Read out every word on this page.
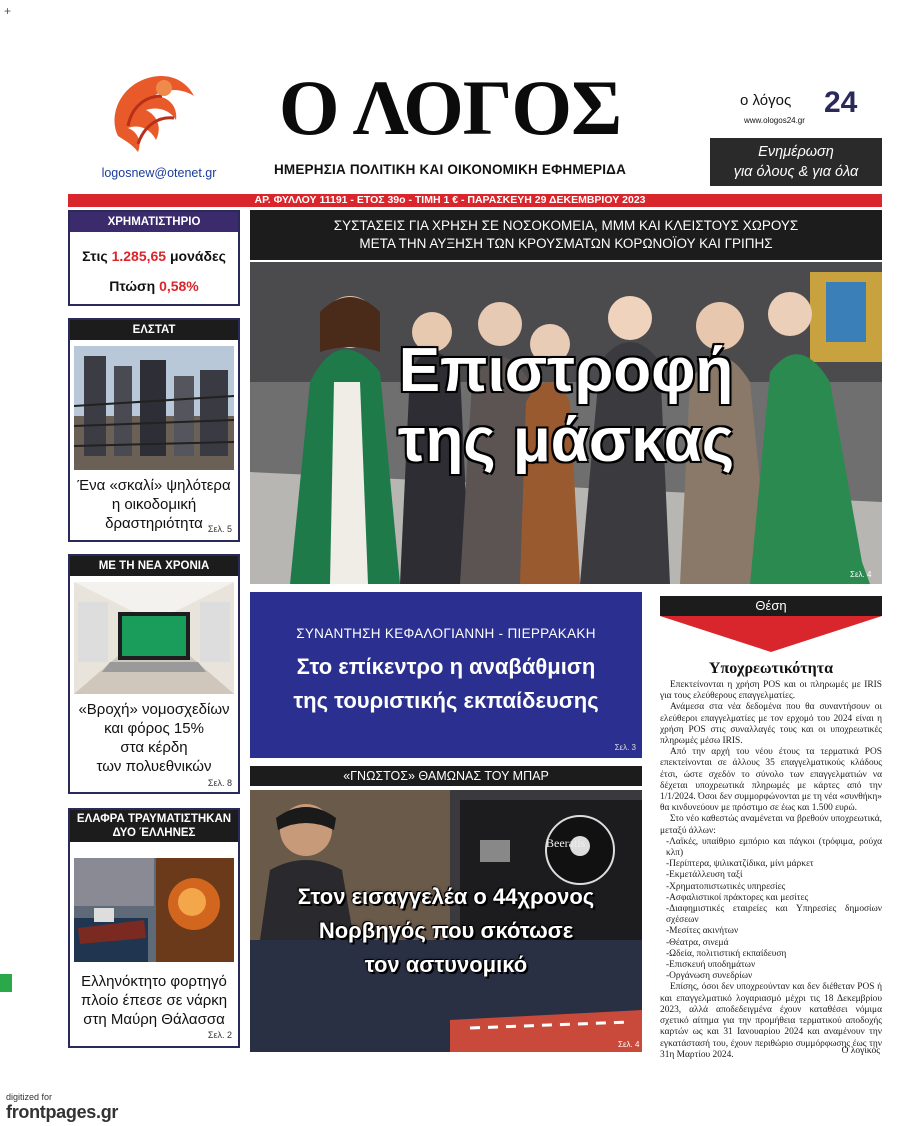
+
logosnew@otenet.gr
Ο ΛΟΓΟΣ
ΗΜΕΡΗΣΙΑ ΠΟΛΙΤΙΚΗ ΚΑΙ ΟΙΚΟΝΟΜΙΚΗ ΕΦΗΜΕΡΙΔΑ
ο λόγος 24
www.ologos24.gr
Ενημέρωση
για όλους & για όλα
ΑΡ. ΦΥΛΛΟΥ 11191 - ΕΤΟΣ 39ο - ΤΙΜΗ 1 € - ΠΑΡΑΣΚΕΥΗ 29 ΔΕΚΕΜΒΡΙΟΥ 2023
ΧΡΗΜΑΤΙΣΤΗΡΙΟ
Στις 1.285,65 μονάδες
Πτώση 0,58%
ΕΛΣΤΑΤ
Ένα «σκαλί» ψηλότερα
η οικοδομική
δραστηριότητα Σελ. 5
ΜΕ ΤΗ ΝΕΑ ΧΡΟΝΙΑ
«Βροχή» νομοσχεδίων
και φόρος 15%
στα κέρδη
των πολυεθνικών
Σελ. 8
ΕΛΑΦΡΑ ΤΡΑΥΜΑΤΙΣΤΗΚΑΝ
ΔΥΟ ΈΛΛΗΝΕΣ
Ελληνόκτητο φορτηγό
πλοίο έπεσε σε νάρκη
στη Μαύρη Θάλασσα
Σελ. 2
ΣΥΣΤΑΣΕΙΣ ΓΙΑ ΧΡΗΣΗ ΣΕ ΝΟΣΟΚΟΜΕΙΑ, ΜΜΜ ΚΑΙ ΚΛΕΙΣΤΟΥΣ ΧΩΡΟΥΣ
ΜΕΤΑ ΤΗΝ ΑΥΞΗΣΗ ΤΩΝ ΚΡΟΥΣΜΑΤΩΝ ΚΟΡΩΝΟΪΟΥ ΚΑΙ ΓΡΙΠΗΣ
Επιστροφή
της μάσκας
Σελ. 4
ΣΥΝΑΝΤΗΣΗ ΚΕΦΑΛΟΓΙΑΝΝΗ - ΠΙΕΡΡΑΚΑΚΗ
Στο επίκεντρο η αναβάθμιση
της τουριστικής εκπαίδευσης
Σελ. 3
«ΓΝΩΣΤΟΣ» ΘΑΜΩΝΑΣ ΤΟΥ ΜΠΑΡ
Beeratis
Στον εισαγγελέα ο 44χρονος
Νορβηγός που σκότωσε
τον αστυνομικό
Σελ. 4
Θέση
Υποχρεωτικότητα

Επεκτείνονται η χρήση POS και οι πληρωμές με IRIS για τους ελεύθερους επαγγελματίες.

Ανάμεσα στα νέα δεδομένα που θα συναντήσουν οι ελεύθεροι επαγγελματίες με τον ερχομό του 2024 είναι η χρήση POS στις συναλλαγές τους και οι υποχρεωτικές πληρωμές μέσω IRIS.

Από την αρχή του νέου έτους τα τερματικά POS επεκτείνονται σε άλλους 35 επαγγελματικούς κλάδους έτσι, ώστε σχεδόν το σύνολο των επαγγελματιών να δέχεται υποχρεωτικά πληρωμές με κάρτες από την 1/1/2024. Όσοι δεν συμμορφώνονται με τη νέα «συνθήκη» θα κινδυνεύουν με πρόστιμο σε έως και 1.500 ευρώ.

Στο νέο καθεστώς αναμένεται να βρεθούν υποχρεωτικά, μεταξύ άλλων:

-Λαϊκές, υπαίθριο εμπόριο και πάγκοι (τρόφιμα, ρούχα κλπ)

-Περίπτερα, ψιλικατζίδικα, μίνι μάρκετ

-Εκμετάλλευση ταξί

-Χρηματοπιστωτικές υπηρεσίες

-Ασφαλιστικοί πράκτορες και μεσίτες

-Διαφημιστικές εταιρείες και Υπηρεσίες δημοσίων σχέσεων

-Μεσίτες ακινήτων

-Θέατρα, σινεμά

-Ωδεία, πολιτιστική εκπαίδευση

-Επισκευή υποδημάτων

-Οργάνωση συνεδρίων

Επίσης, όσοι δεν υποχρεούνταν και δεν διέθεταν POS ή και επαγγελματικό λογαριασμό μέχρι τις 18 Δεκεμβρίου 2023, αλλά αποδεδειγμένα έχουν καταθέσει νόμιμα σχετικό αίτημα για την προμήθεια τερματικού αποδοχής καρτών ως και 31 Ιανουαρίου 2024 και αναμένουν την εγκατάστασή του, έχουν περιθώριο συμμόρφωσης έως την 31η Μαρτίου 2024.	Ο λογικός
digitized for
frontpages.gr
